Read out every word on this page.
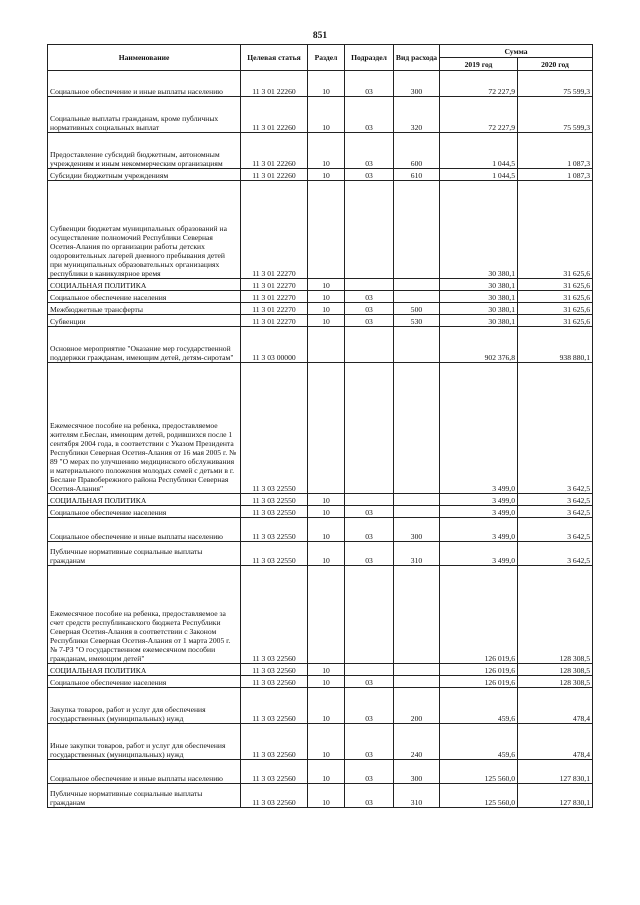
851
Наименование	Целевая статья	Раздел	Подраздел	Вид расхода	Сумма	
					2019 год	2020 год
Социальное обеспечение и иные выплаты населению	11 3 01 22260	10	03	300	72 227,9	75 599,3
Социальные выплаты гражданам, кроме публичных нормативных социальных выплат	11 3 01 22260	10	03	320	72 227,9	75 599,3
Предоставление субсидий бюджетным, автономным учреждениям и иным некоммерческим организациям	11 3 01 22260	10	03	600	1 044,5	1 087,3
Субсидии бюджетным учреждениям	11 3 01 22260	10	03	610	1 044,5	1 087,3
Субвенции бюджетам муниципальных образований на осуществление полномочий Республики Северная Осетия-Алания по организации работы детских оздоровительных лагерей дневного пребывания детей при муниципальных образовательных организациях республики в каникулярное время	11 3 01 22270				30 380,1	31 625,6
СОЦИАЛЬНАЯ ПОЛИТИКА	11 3 01 22270	10			30 380,1	31 625,6
Социальное обеспечение населения	11 3 01 22270	10	03		30 380,1	31 625,6
Межбюджетные трансферты	11 3 01 22270	10	03	500	30 380,1	31 625,6
Субвенции	11 3 01 22270	10	03	530	30 380,1	31 625,6
Основное мероприятие "Оказание мер государственной поддержки гражданам, имеющим детей, детям-сиротам"	11 3 03 00000				902 376,8	938 880,1
Ежемесячное пособие на ребенка, предоставляемое жителям г.Беслан, имеющим детей, родившихся после 1 сентября 2004 года, в соответствии с Указом Президента Республики Северная Осетия-Алания от 16 мая 2005 г. № 89 "О мерах по улучшению медицинского обслуживания и материального положения молодых семей с детьми в г. Беслане Правобережного района Республики Северная Осетия-Алания"	11 3 03 22550				3 499,0	3 642,5
СОЦИАЛЬНАЯ ПОЛИТИКА	11 3 03 22550	10			3 499,0	3 642,5
Социальное обеспечение населения	11 3 03 22550	10	03		3 499,0	3 642,5
Социальное обеспечение и иные выплаты населению	11 3 03 22550	10	03	300	3 499,0	3 642,5
Публичные нормативные социальные выплаты гражданам	11 3 03 22550	10	03	310	3 499,0	3 642,5
Ежемесячное пособие на ребенка, предоставляемое за счет средств республиканского бюджета Республики Северная Осетия-Алания в соответствии с Законом Республики Северная Осетия-Алания от 1 марта 2005 г. № 7-РЗ "О государственном ежемесячном пособии гражданам, имеющим детей"	11 3 03 22560				126 019,6	128 308,5
СОЦИАЛЬНАЯ ПОЛИТИКА	11 3 03 22560	10			126 019,6	128 308,5
Социальное обеспечение населения	11 3 03 22560	10	03		126 019,6	128 308,5
Закупка товаров, работ и услуг для обеспечения государственных (муниципальных) нужд	11 3 03 22560	10	03	200	459,6	478,4
Иные закупки товаров, работ и услуг для обеспечения государственных (муниципальных) нужд	11 3 03 22560	10	03	240	459,6	478,4
Социальное обеспечение и иные выплаты населению	11 3 03 22560	10	03	300	125 560,0	127 830,1
Публичные нормативные социальные выплаты гражданам	11 3 03 22560	10	03	310	125 560,0	127 830,1
